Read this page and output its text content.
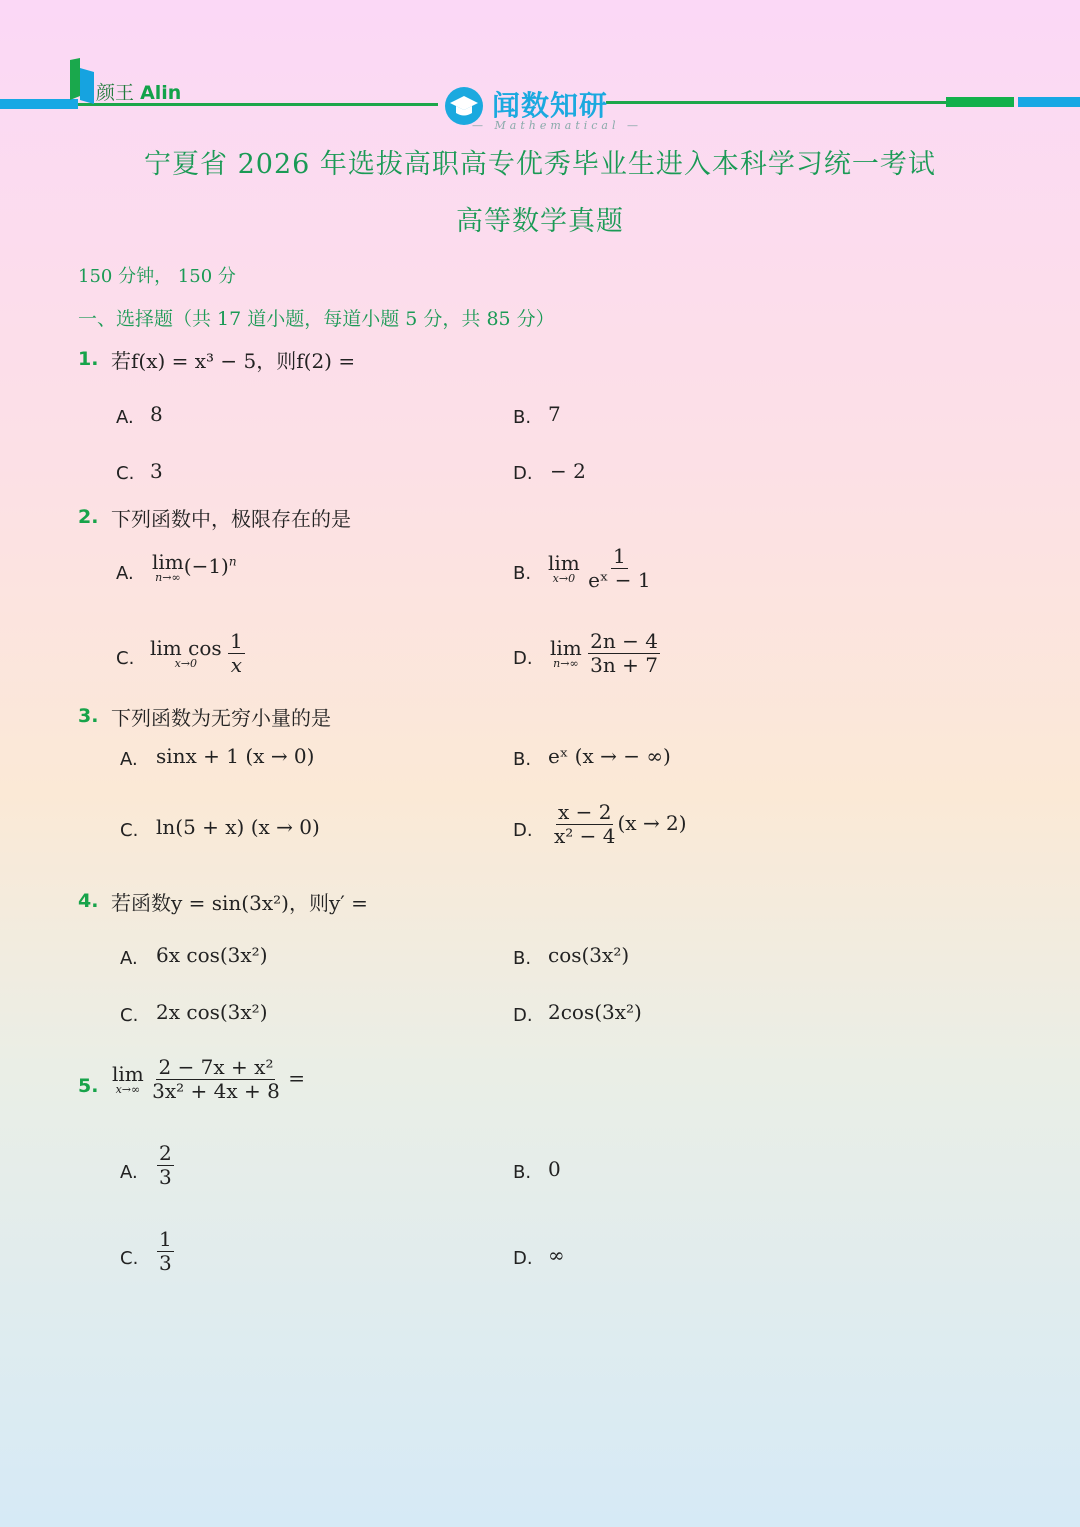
颜王 Alin	闻数知研
— Mathematical —
宁夏省 2026 年选拔高职高专优秀毕业生进入本科学习统一考试
高等数学真题
150 分钟， 150 分
一、选择题（共 17 道小题，每道小题 5 分，共 85 分）
1. 若f(x) = x³ − 5，则f(2) =
A. 8	B. 7
C. 3	D. − 2
2. 下列函数中，极限存在的是
A. lim
n→∞ $(-1)^n$
B. lim
x→0
$\frac{1}{\text{eˣ − 1}}$
C. lim cos
x→0
$\frac{1}{x}$	D. lim
n→∞
$\frac{2n - 4}{3n + 7}$
3. 下列函数为无穷小量的是
A. sinx + 1 (x → 0)	B. eˣ (x → − ∞)
C. ln(5 + x) (x → 0)	D. $\frac{x - 2}{\text{x² − 4}} (x \to 2)$
4. 若函数y = sin(3x²)，则y′ =
A. 6x cos(3x²)	B. cos(3x²)
C. 2x cos(3x²)	D. 2cos(3x²)
5. lim
x→∞
$\frac{\text{2 − 7x + x²}}{\text{3x² + 4x + 8}}$ =
A. $\frac{2}{3}$	B. 0
C. $\frac{1}{3}$	D. ∞
